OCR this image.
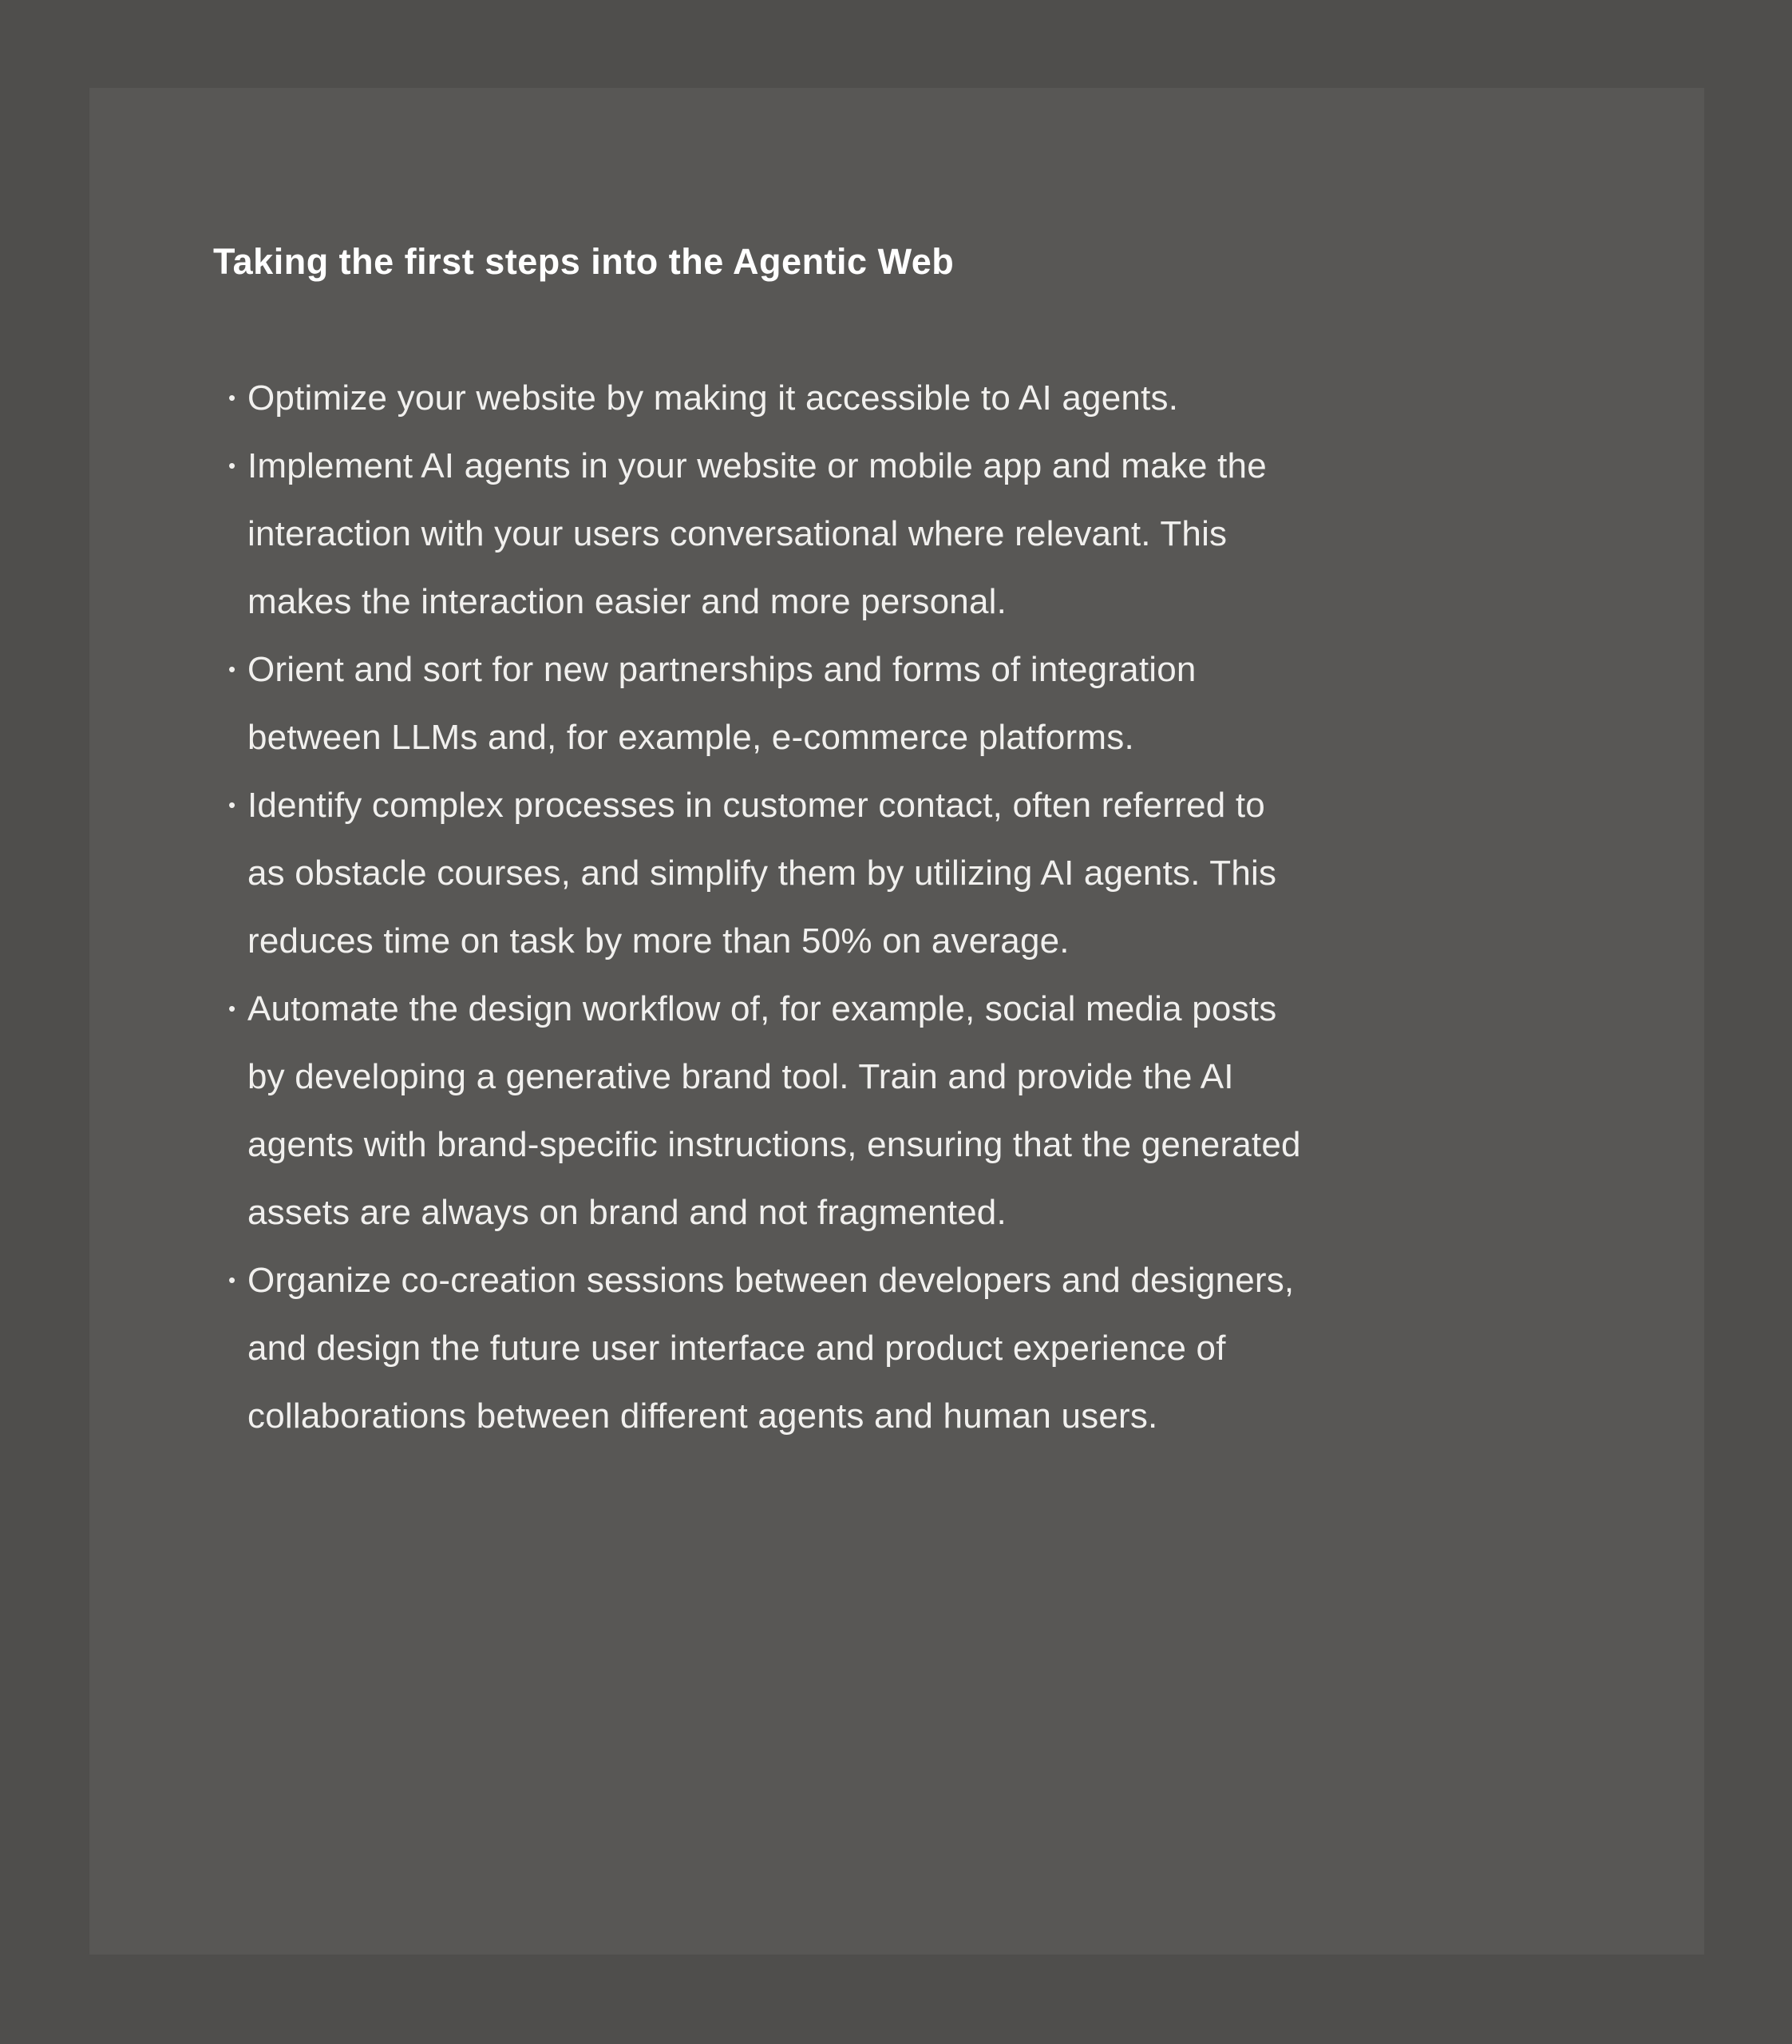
Taking the first steps into the Agentic Web
• Optimize your website by making it accessible to AI agents.
• Implement AI agents in your website or mobile app and make the interaction with your users conversational where relevant. This makes the interaction easier and more personal.
• Orient and sort for new partnerships and forms of integration between LLMs and, for example, e-commerce platforms.
• Identify complex processes in customer contact, often referred to as obstacle courses, and simplify them by utilizing AI agents. This reduces time on task by more than 50% on average.
• Automate the design workflow of, for example, social media posts by developing a generative brand tool. Train and provide the AI agents with brand-specific instructions, ensuring that the generated assets are always on brand and not fragmented.
• Organize co-creation sessions between developers and designers, and design the future user interface and product experience of collaborations between different agents and human users.
